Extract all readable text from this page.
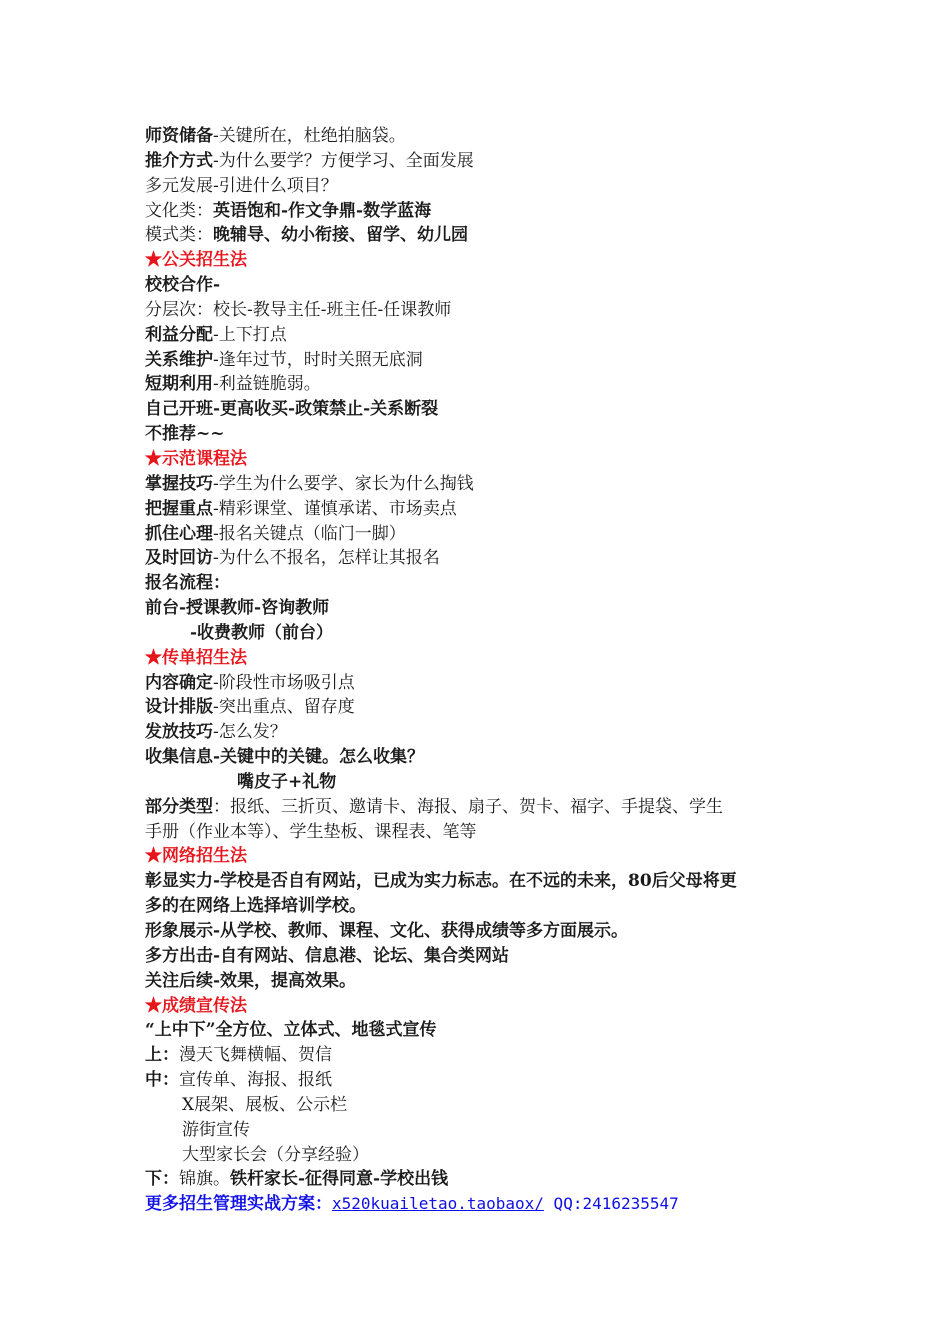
师资储备-关键所在，杜绝拍脑袋。
推介方式-为什么要学？方便学习、全面发展
多元发展-引进什么项目？
文化类：英语饱和-作文争鼎-数学蓝海
模式类：晚辅导、幼小衔接、留学、幼儿园
★公关招生法
校校合作-
分层次：校长-教导主任-班主任-任课教师
利益分配-上下打点
关系维护-逢年过节，时时关照无底洞
短期利用-利益链脆弱。
自己开班-更高收买-政策禁止-关系断裂
不推荐~~
★示范课程法
掌握技巧-学生为什么要学、家长为什么掏钱
把握重点-精彩课堂、谨慎承诺、市场卖点
抓住心理-报名关键点（临门一脚）
及时回访-为什么不报名，怎样让其报名
报名流程：
前台-授课教师-咨询教师
-收费教师（前台）
★传单招生法
内容确定-阶段性市场吸引点
设计排版-突出重点、留存度
发放技巧-怎么发？
收集信息-关键中的关键。怎么收集？
嘴皮子+礼物
部分类型：报纸、三折页、邀请卡、海报、扇子、贺卡、福字、手提袋、学生
手册（作业本等）、学生垫板、课程表、笔等
★网络招生法
彰显实力-学校是否自有网站，已成为实力标志。在不远的未来，80后父母将更
多的在网络上选择培训学校。
形象展示-从学校、教师、课程、文化、获得成绩等多方面展示。
多方出击-自有网站、信息港、论坛、集合类网站
关注后续-效果，提高效果。
★成绩宣传法
“上中下”全方位、立体式、地毯式宣传
上：漫天飞舞横幅、贺信
中：宣传单、海报、报纸
X展架、展板、公示栏
游街宣传
大型家长会（分享经验）
下：锦旗。铁杆家长-征得同意-学校出钱
更多招生管理实战方案：x520kuailetao.taobaox/ QQ:2416235547
